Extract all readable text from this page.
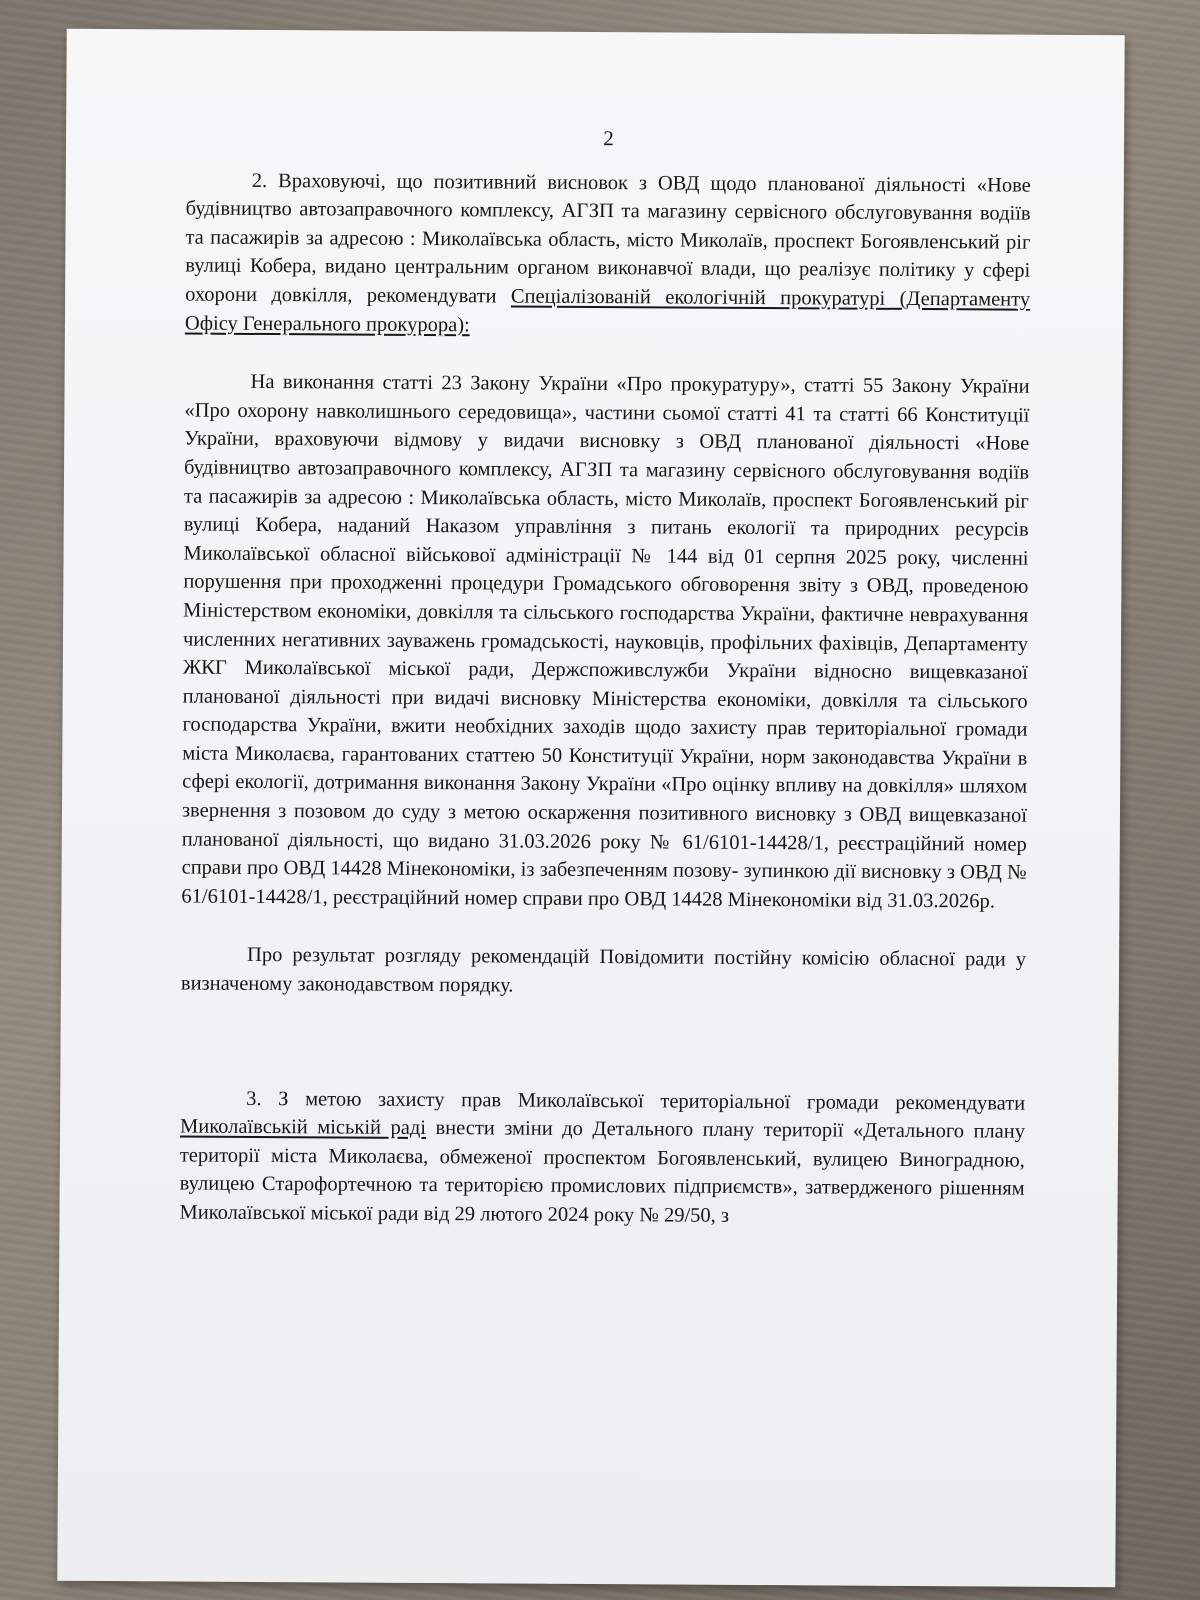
2

2. Враховуючі, що позитивний висновок з ОВД щодо планованої діяльності «Нове будівництво автозаправочного комплексу, АГЗП та магазину сервісного обслуговування водіїв та пасажирів за адресою : Миколаївська область, місто Миколаїв, проспект Богоявленський ріг вулиці Кобера, видано центральним органом виконавчої влади, що реалізує політику у сфері охорони довкілля, рекомендувати Спеціалізованій екологічній прокуратурі (Департаменту Офісу Генерального прокурора):

На виконання статті 23 Закону України «Про прокуратуру», статті 55 Закону України «Про охорону навколишнього середовища», частини сьомої статті 41 та статті 66 Конституції України, враховуючи відмову у видачи висновку з ОВД планованої діяльності «Нове будівництво автозаправочного комплексу, АГЗП та магазину сервісного обслуговування водіїв та пасажирів за адресою : Миколаївська область, місто Миколаїв, проспект Богоявленський ріг вулиці Кобера, наданий Наказом управління з питань екології та природних ресурсів Миколаївської обласної військової адміністрації № 144 від 01 серпня 2025 року, численні порушення при проходженні процедури Громадського обговорення звіту з ОВД, проведеною Міністерством економіки, довкілля та сільського господарства України, фактичне неврахування численних негативних зауважень громадськості, науковців, профільних фахівців, Департаменту ЖКГ Миколаївської міської ради, Держспоживслужби України відносно вищевказаної планованої діяльності при видачі висновку Міністерства економіки, довкілля та сільського господарства України, вжити необхідних заходів щодо захисту прав територіальної громади міста Миколаєва, гарантованих статтею 50 Конституції України, норм законодавства України в сфері екології, дотримання виконання Закону України «Про оцінку впливу на довкілля» шляхом звернення з позовом до суду з метою оскарження позитивного висновку з ОВД вищевказаної планованої діяльності, що видано 31.03.2026 року № 61/6101-14428/1, реєстраційний номер справи про ОВД 14428 Мінекономіки, із забезпеченням позову- зупинкою дії висновку з ОВД № 61/6101-14428/1, реєстраційний номер справи про ОВД 14428 Мінекономіки від 31.03.2026р.

Про результат розгляду рекомендацій Повідомити постійну комісію обласної ради у визначеному законодавством порядку.

3. З метою захисту прав Миколаївської територіальної громади рекомендувати Миколаївській міській раді внести зміни до Детального плану території «Детального плану території міста Миколаєва, обмеженої проспектом Богоявленський, вулицею Виноградною, вулицею Старофортечною та територією промислових підприємств», затвердженого рішенням Миколаївської міської ради від 29 лютого 2024 року № 29/50, з
